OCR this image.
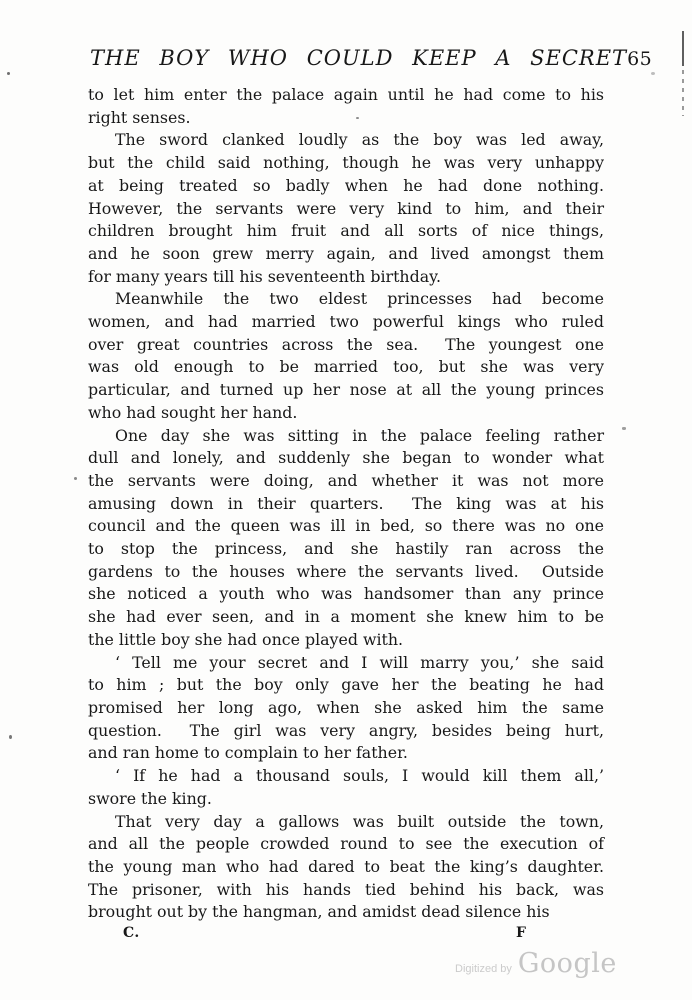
THE BOY WHO COULD KEEP A SECRET 65
to let him enter the palace again until he had come to his
right senses.
The sword clanked loudly as the boy was led away,
but the child said nothing, though he was very unhappy
at being treated so badly when he had done nothing.
However, the servants were very kind to him, and their
children brought him fruit and all sorts of nice things,
and he soon grew merry again, and lived amongst them
for many years till his seventeenth birthday.
Meanwhile the two eldest princesses had become
women, and had married two powerful kings who ruled
over great countries across the sea.  The youngest one
was old enough to be married too, but she was very
particular, and turned up her nose at all the young princes
who had sought her hand.
One day she was sitting in the palace feeling rather
dull and lonely, and suddenly she began to wonder what
the servants were doing, and whether it was not more
amusing down in their quarters.  The king was at his
council and the queen was ill in bed, so there was no one
to stop the princess, and she hastily ran across the
gardens to the houses where the servants lived.  Outside
she noticed a youth who was handsomer than any prince
she had ever seen, and in a moment she knew him to be
the little boy she had once played with.
‘ Tell me your secret and I will marry you,’ she said
to him ; but the boy only gave her the beating he had
promised her long ago, when she asked him the same
question.  The girl was very angry, besides being hurt,
and ran home to complain to her father.
‘ If he had a thousand souls, I would kill them all,’
swore the king.
That very day a gallows was built outside the town,
and all the people crowded round to see the execution of
the young man who had dared to beat the king’s daughter.
The prisoner, with his hands tied behind his back, was
brought out by the hangman, and amidst dead silence his
C.	F
Digitized by Google
